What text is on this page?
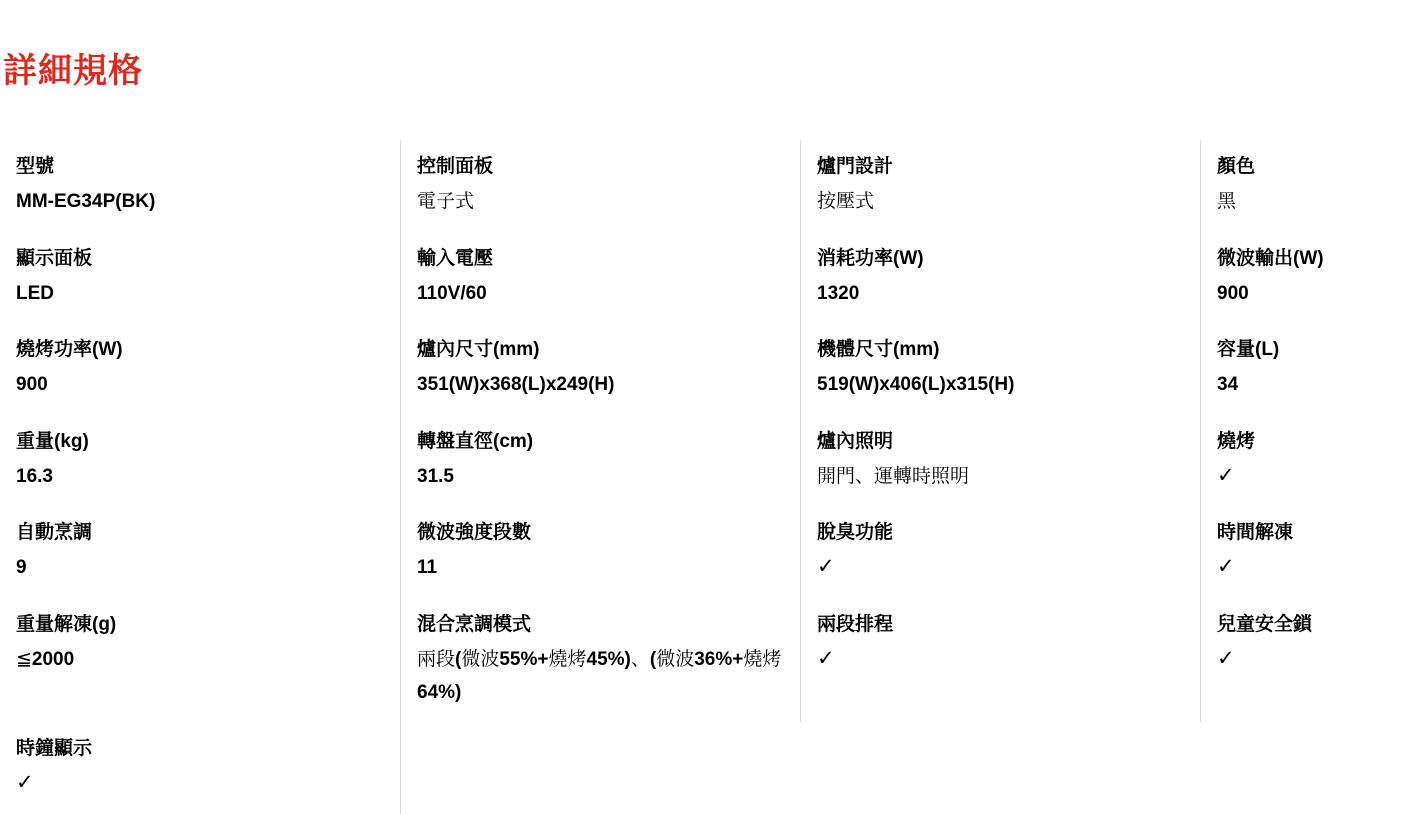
詳細規格
型號
MM-EG34P(BK)
控制面板
電子式
爐門設計
按壓式
顏色
黑
顯示面板
LED
輸入電壓
110V/60
消耗功率(W)
1320
微波輸出(W)
900
燒烤功率(W)
900
爐內尺寸(mm)
351(W)x368(L)x249(H)
機體尺寸(mm)
519(W)x406(L)x315(H)
容量(L)
34
重量(kg)
16.3
轉盤直徑(cm)
31.5
爐內照明
開門、運轉時照明
燒烤
✓
自動烹調
9
微波強度段數
11
脫臭功能
✓
時間解凍
✓
重量解凍(g)
≦2000
混合烹調模式
兩段(微波55%+燒烤45%)、(微波36%+燒烤64%)
兩段排程
✓
兒童安全鎖
✓
時鐘顯示
✓
